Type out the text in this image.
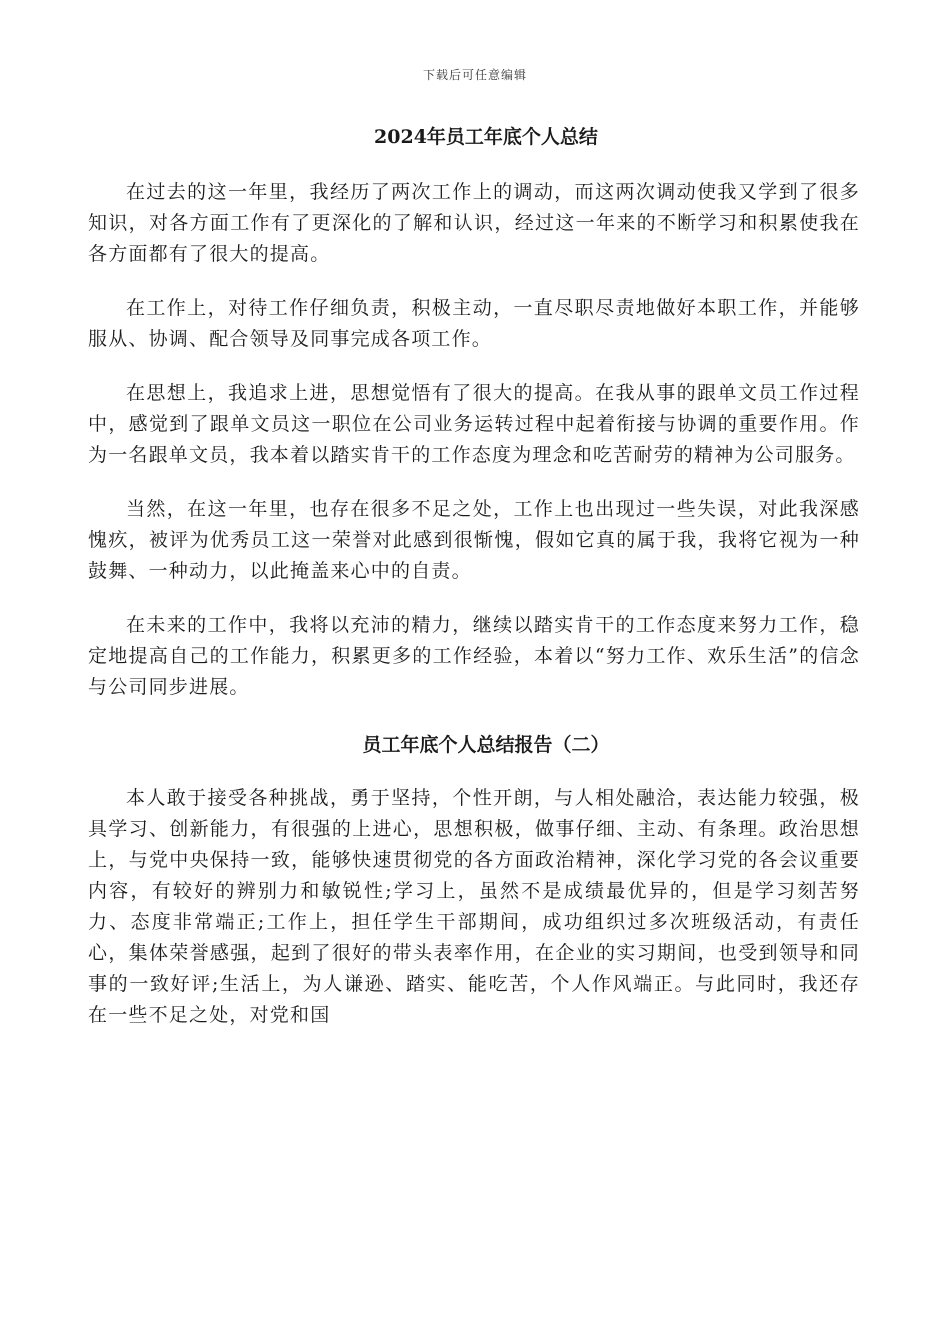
下载后可任意编辑
2024年员工年底个人总结

在过去的这一年里，我经历了两次工作上的调动，而这两次调动使我又学到了很多知识，对各方面工作有了更深化的了解和认识，经过这一年来的不断学习和积累使我在各方面都有了很大的提高。

在工作上，对待工作仔细负责，积极主动，一直尽职尽责地做好本职工作，并能够服从、协调、配合领导及同事完成各项工作。

在思想上，我追求上进，思想觉悟有了很大的提高。在我从事的跟单文员工作过程中，感觉到了跟单文员这一职位在公司业务运转过程中起着衔接与协调的重要作用。作为一名跟单文员，我本着以踏实肯干的工作态度为理念和吃苦耐劳的精神为公司服务。

当然，在这一年里，也存在很多不足之处，工作上也出现过一些失误，对此我深感愧疚，被评为优秀员工这一荣誉对此感到很惭愧，假如它真的属于我，我将它视为一种鼓舞、一种动力，以此掩盖来心中的自责。

在未来的工作中，我将以充沛的精力，继续以踏实肯干的工作态度来努力工作，稳定地提高自己的工作能力，积累更多的工作经验，本着以“努力工作、欢乐生活”的信念与公司同步进展。

员工年底个人总结报告（二）

本人敢于接受各种挑战，勇于坚持，个性开朗，与人相处融洽，表达能力较强，极具学习、创新能力，有很强的上进心，思想积极，做事仔细、主动、有条理。政治思想上，与党中央保持一致，能够快速贯彻党的各方面政治精神，深化学习党的各会议重要内容，有较好的辨别力和敏锐性;学习上，虽然不是成绩最优异的，但是学习刻苦努力、态度非常端正;工作上，担任学生干部期间，成功组织过多次班级活动，有责任心，集体荣誉感强，起到了很好的带头表率作用，在企业的实习期间，也受到领导和同事的一致好评;生活上，为人谦逊、踏实、能吃苦，个人作风端正。与此同时，我还存在一些不足之处，对党和国
